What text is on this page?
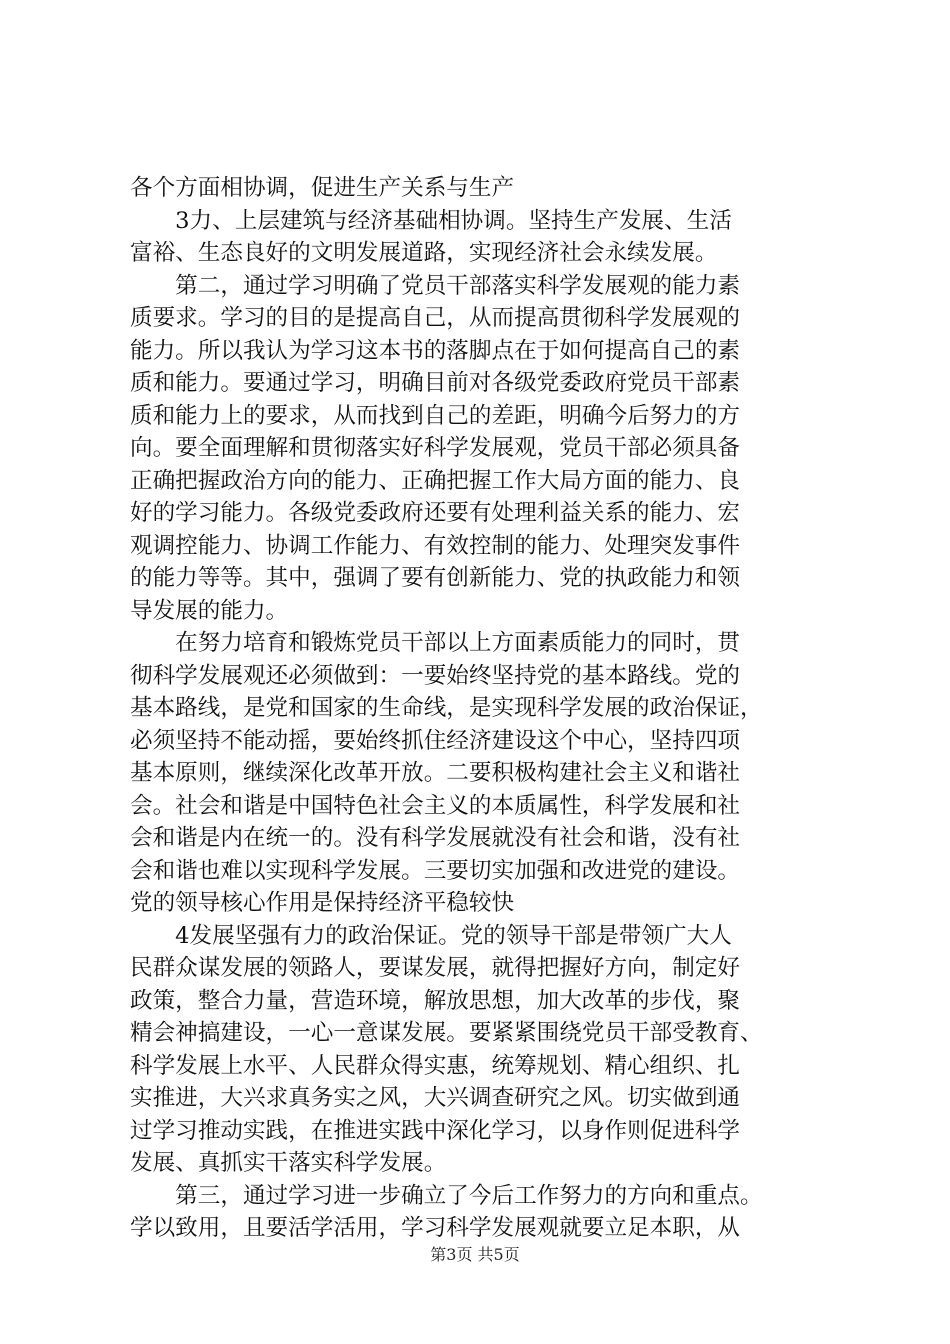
各个方面相协调，促进生产关系与生产
　　3力、上层建筑与经济基础相协调。坚持生产发展、生活
富裕、生态良好的文明发展道路，实现经济社会永续发展。
　　第二，通过学习明确了党员干部落实科学发展观的能力素
质要求。学习的目的是提高自己，从而提高贯彻科学发展观的
能力。所以我认为学习这本书的落脚点在于如何提高自己的素
质和能力。要通过学习，明确目前对各级党委政府党员干部素
质和能力上的要求，从而找到自己的差距，明确今后努力的方
向。要全面理解和贯彻落实好科学发展观，党员干部必须具备
正确把握政治方向的能力、正确把握工作大局方面的能力、良
好的学习能力。各级党委政府还要有处理利益关系的能力、宏
观调控能力、协调工作能力、有效控制的能力、处理突发事件
的能力等等。其中，强调了要有创新能力、党的执政能力和领
导发展的能力。
　　在努力培育和锻炼党员干部以上方面素质能力的同时，贯
彻科学发展观还必须做到：一要始终坚持党的基本路线。党的
基本路线，是党和国家的生命线，是实现科学发展的政治保证，
必须坚持不能动摇，要始终抓住经济建设这个中心，坚持四项
基本原则，继续深化改革开放。二要积极构建社会主义和谐社
会。社会和谐是中国特色社会主义的本质属性，科学发展和社
会和谐是内在统一的。没有科学发展就没有社会和谐，没有社
会和谐也难以实现科学发展。三要切实加强和改进党的建设。
党的领导核心作用是保持经济平稳较快
　　4发展坚强有力的政治保证。党的领导干部是带领广大人
民群众谋发展的领路人，要谋发展，就得把握好方向，制定好
政策，整合力量，营造环境，解放思想，加大改革的步伐，聚
精会神搞建设，一心一意谋发展。要紧紧围绕党员干部受教育、
科学发展上水平、人民群众得实惠，统筹规划、精心组织、扎
实推进，大兴求真务实之风，大兴调查研究之风。切实做到通
过学习推动实践，在推进实践中深化学习，以身作则促进科学
发展、真抓实干落实科学发展。
　　第三，通过学习进一步确立了今后工作努力的方向和重点。
学以致用，且要活学活用，学习科学发展观就要立足本职，从
第3页 共5页
